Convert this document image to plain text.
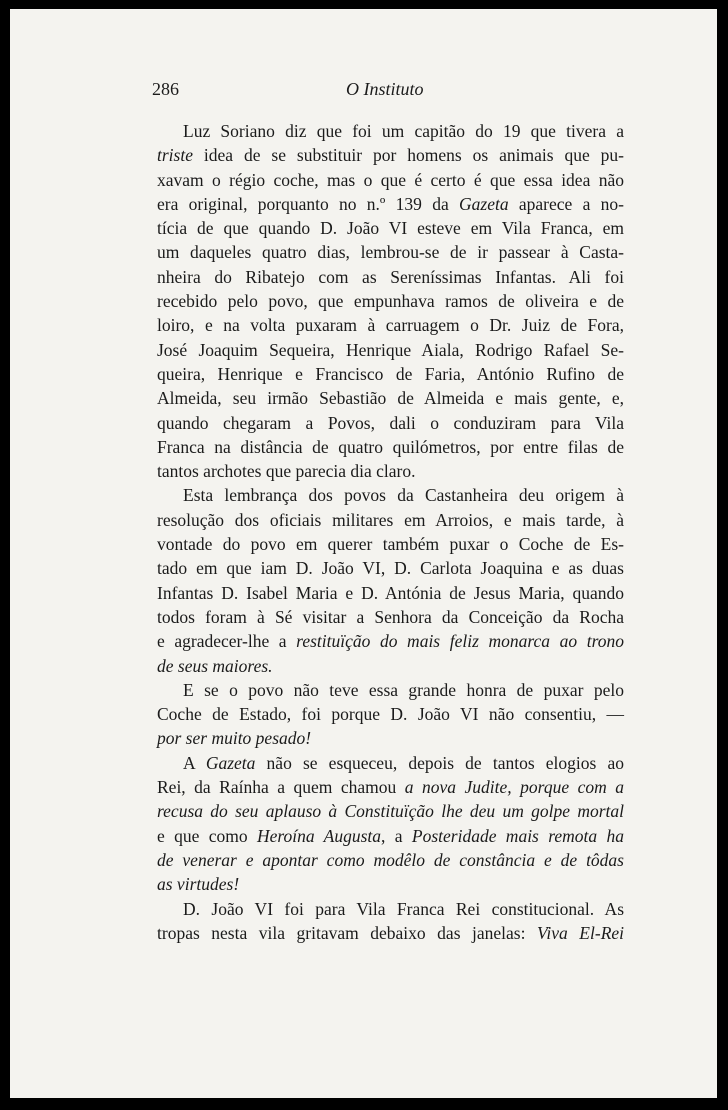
286	O Instituto
Luz Soriano diz que foi um capitão do 19 que tivera a
triste idea de se substituir por homens os animais que pu-
xavam o régio coche, mas o que é certo é que essa idea não
era original, porquanto no n.º 139 da Gazeta aparece a no-
tícia de que quando D. João VI esteve em Vila Franca, em
um daqueles quatro dias, lembrou-se de ir passear à Casta-
nheira do Ribatejo com as Sereníssimas Infantas. Ali foi
recebido pelo povo, que empunhava ramos de oliveira e de
loiro, e na volta puxaram à carruagem o Dr. Juiz de Fora,
José Joaquim Sequeira, Henrique Aiala, Rodrigo Rafael Se-
queira, Henrique e Francisco de Faria, António Rufino de
Almeida, seu irmão Sebastião de Almeida e mais gente, e,
quando chegaram a Povos, dali o conduziram para Vila
Franca na distância de quatro quilómetros, por entre filas de
tantos archotes que parecia dia claro.
Esta lembrança dos povos da Castanheira deu origem à
resolução dos oficiais militares em Arroios, e mais tarde, à
vontade do povo em querer também puxar o Coche de Es-
tado em que iam D. João VI, D. Carlota Joaquina e as duas
Infantas D. Isabel Maria e D. Antónia de Jesus Maria, quando
todos foram à Sé visitar a Senhora da Conceição da Rocha
e agradecer-lhe a restituïção do mais feliz monarca ao trono
de seus maiores.
E se o povo não teve essa grande honra de puxar pelo
Coche de Estado, foi porque D. João VI não consentiu, —
por ser muito pesado!
A Gazeta não se esqueceu, depois de tantos elogios ao
Rei, da Raínha a quem chamou a nova Judite, porque com a
recusa do seu aplauso à Constituïção lhe deu um golpe mortal
e que como Heroína Augusta, a Posteridade mais remota ha
de venerar e apontar como modêlo de constância e de tôdas
as virtudes!
D. João VI foi para Vila Franca Rei constitucional. As
tropas nesta vila gritavam debaixo das janelas: Viva El-Rei
